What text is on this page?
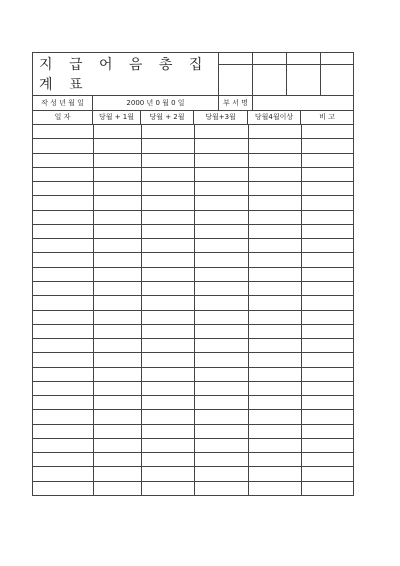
지 급 어 음 총 집 계 표
작 성 년 월 일	2000 년 0 월 0 일	부 서 명
일 자	당월 + 1월	당월 + 2월	당월+3월	당월4월이상	비 고
